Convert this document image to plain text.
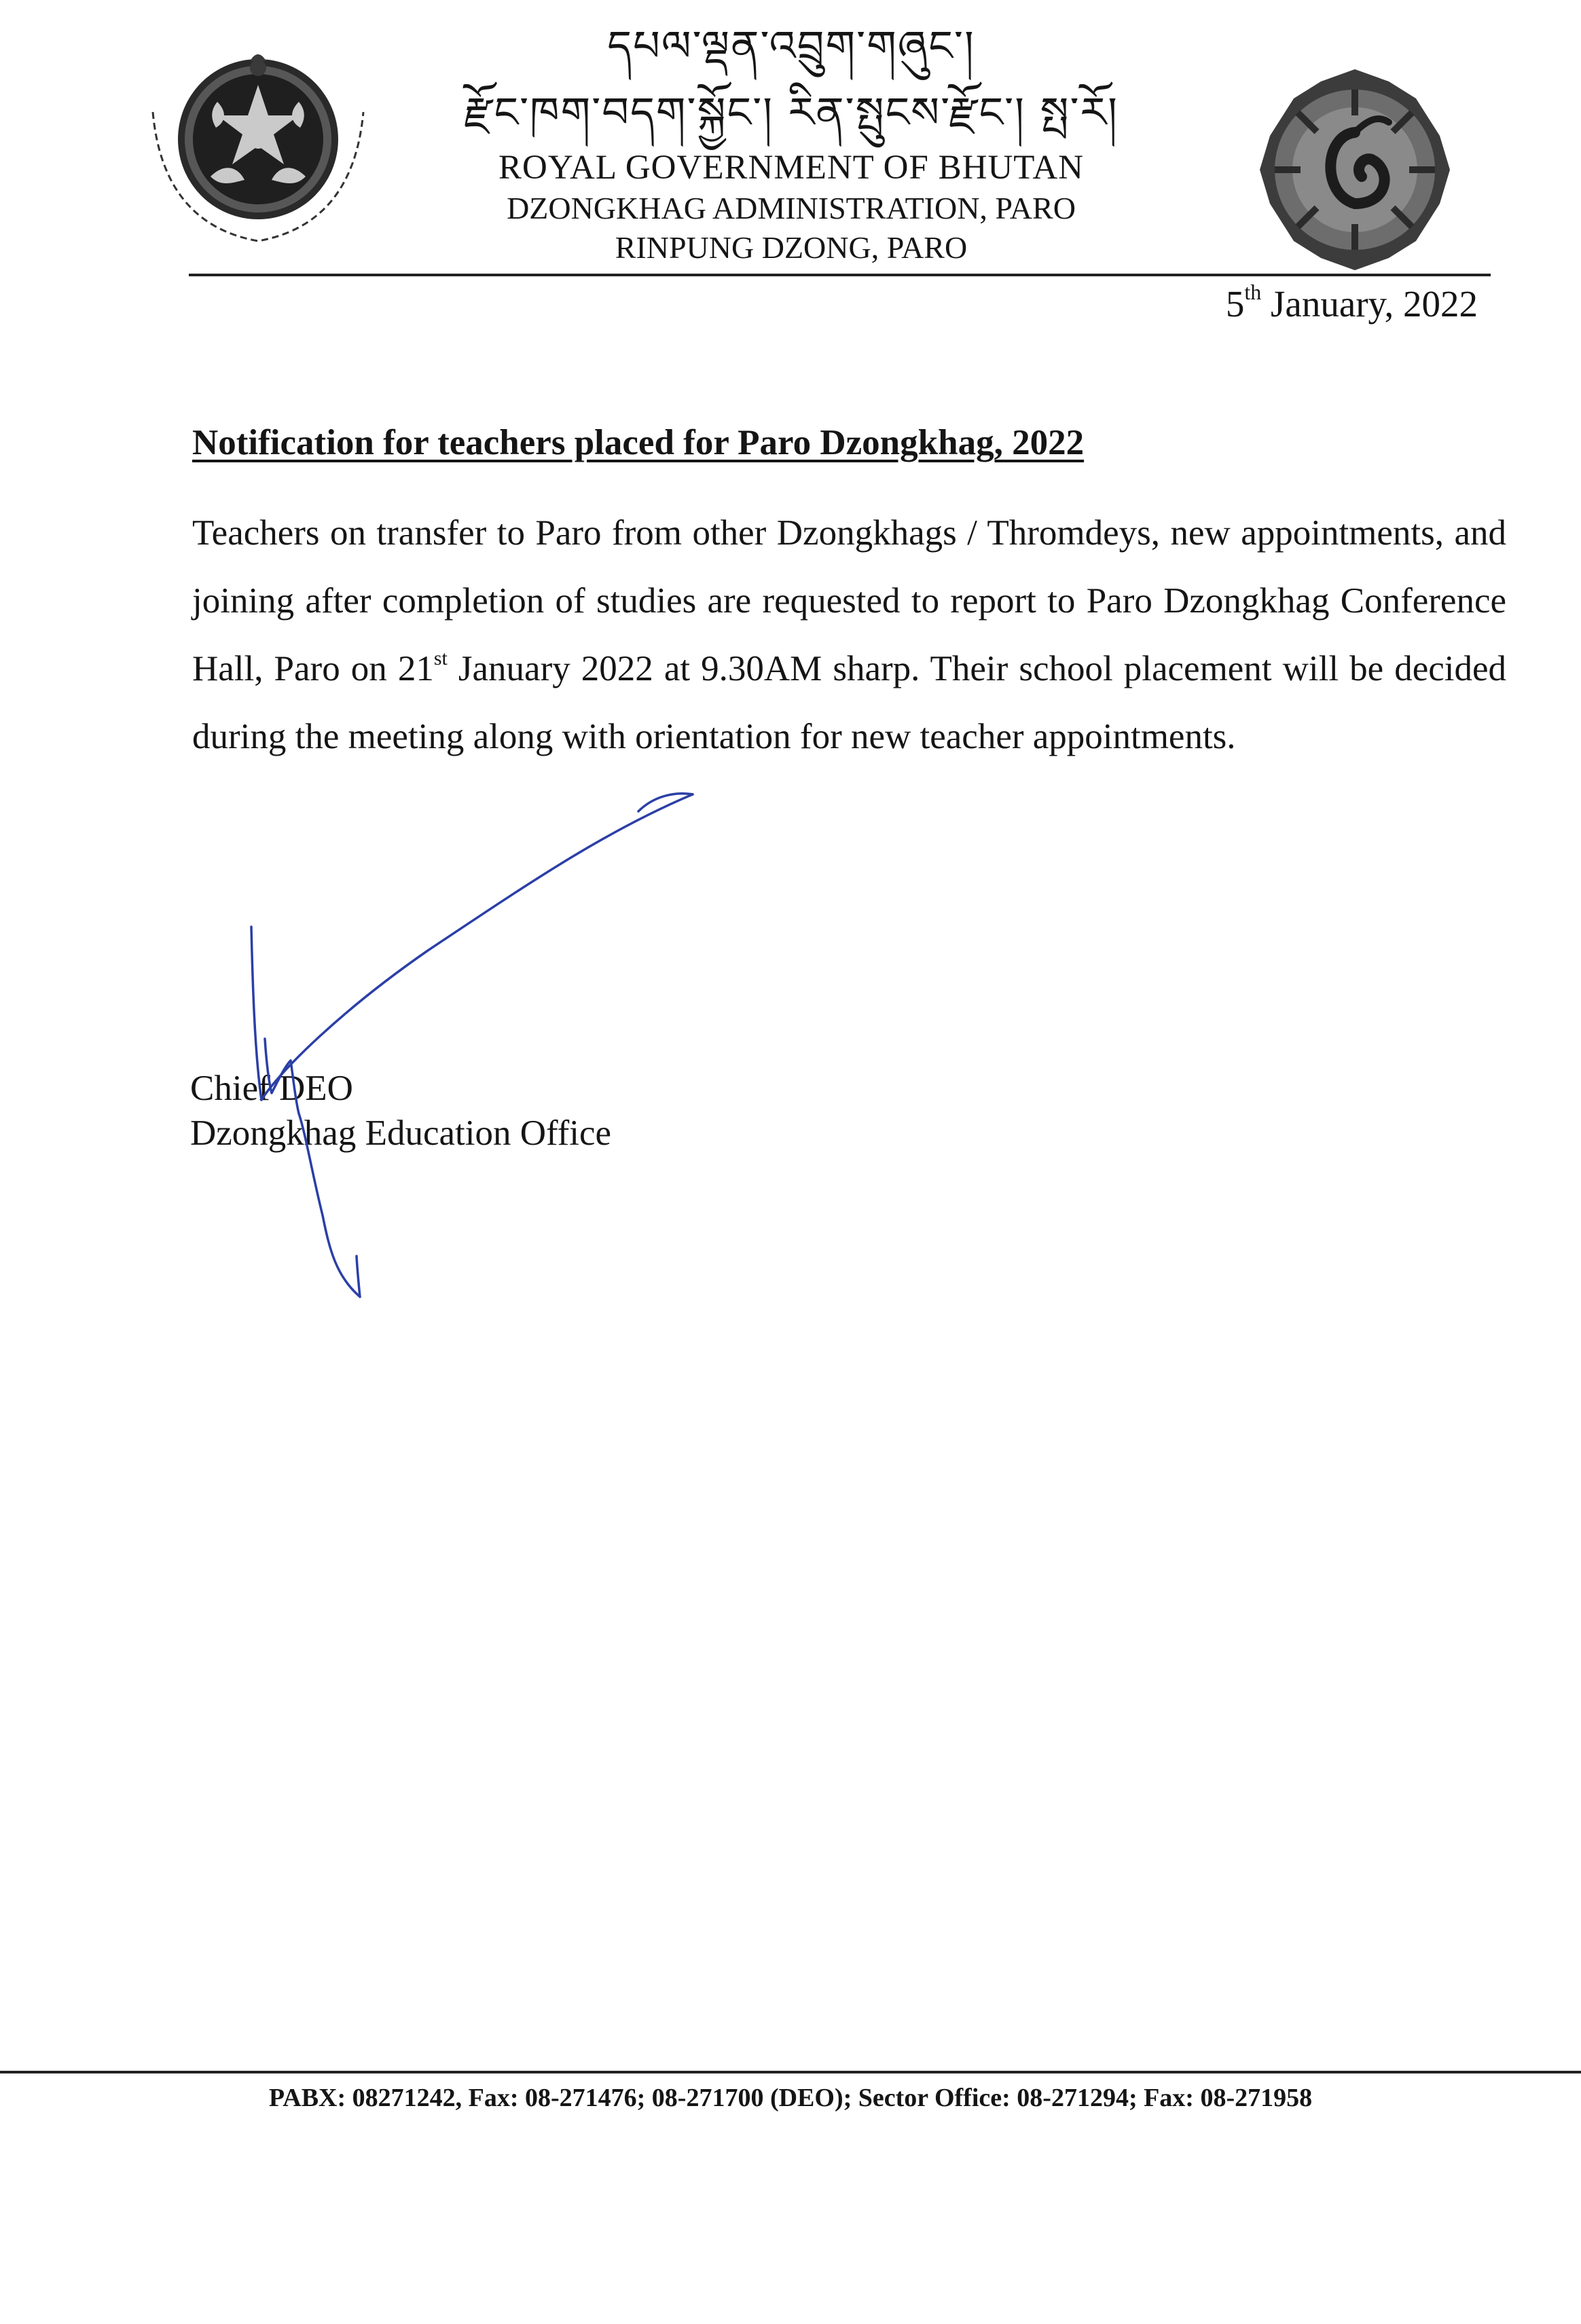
དཔལ་ལྡན་འབྲུག་གཞུང་།
རྫོང་ཁག་བདག་སྐྱོང་། རིན་སྤུངས་རྫོང་། སྤ་རོ།
ROYAL GOVERNMENT OF BHUTAN
DZONGKHAG ADMINISTRATION, PARO
RINPUNG DZONG, PARO
5th January, 2022
Notification for teachers placed for Paro Dzongkhag, 2022
Teachers on transfer to Paro from other Dzongkhags / Thromdeys, new appointments, and joining after completion of studies are requested to report to Paro Dzongkhag Conference Hall, Paro on 21st January 2022 at 9.30AM sharp. Their school placement will be decided during the meeting along with orientation for new teacher appointments.
Chief DEO
Dzongkhag Education Office
PABX: 08271242, Fax: 08-271476; 08-271700 (DEO); Sector Office: 08-271294; Fax: 08-271958
